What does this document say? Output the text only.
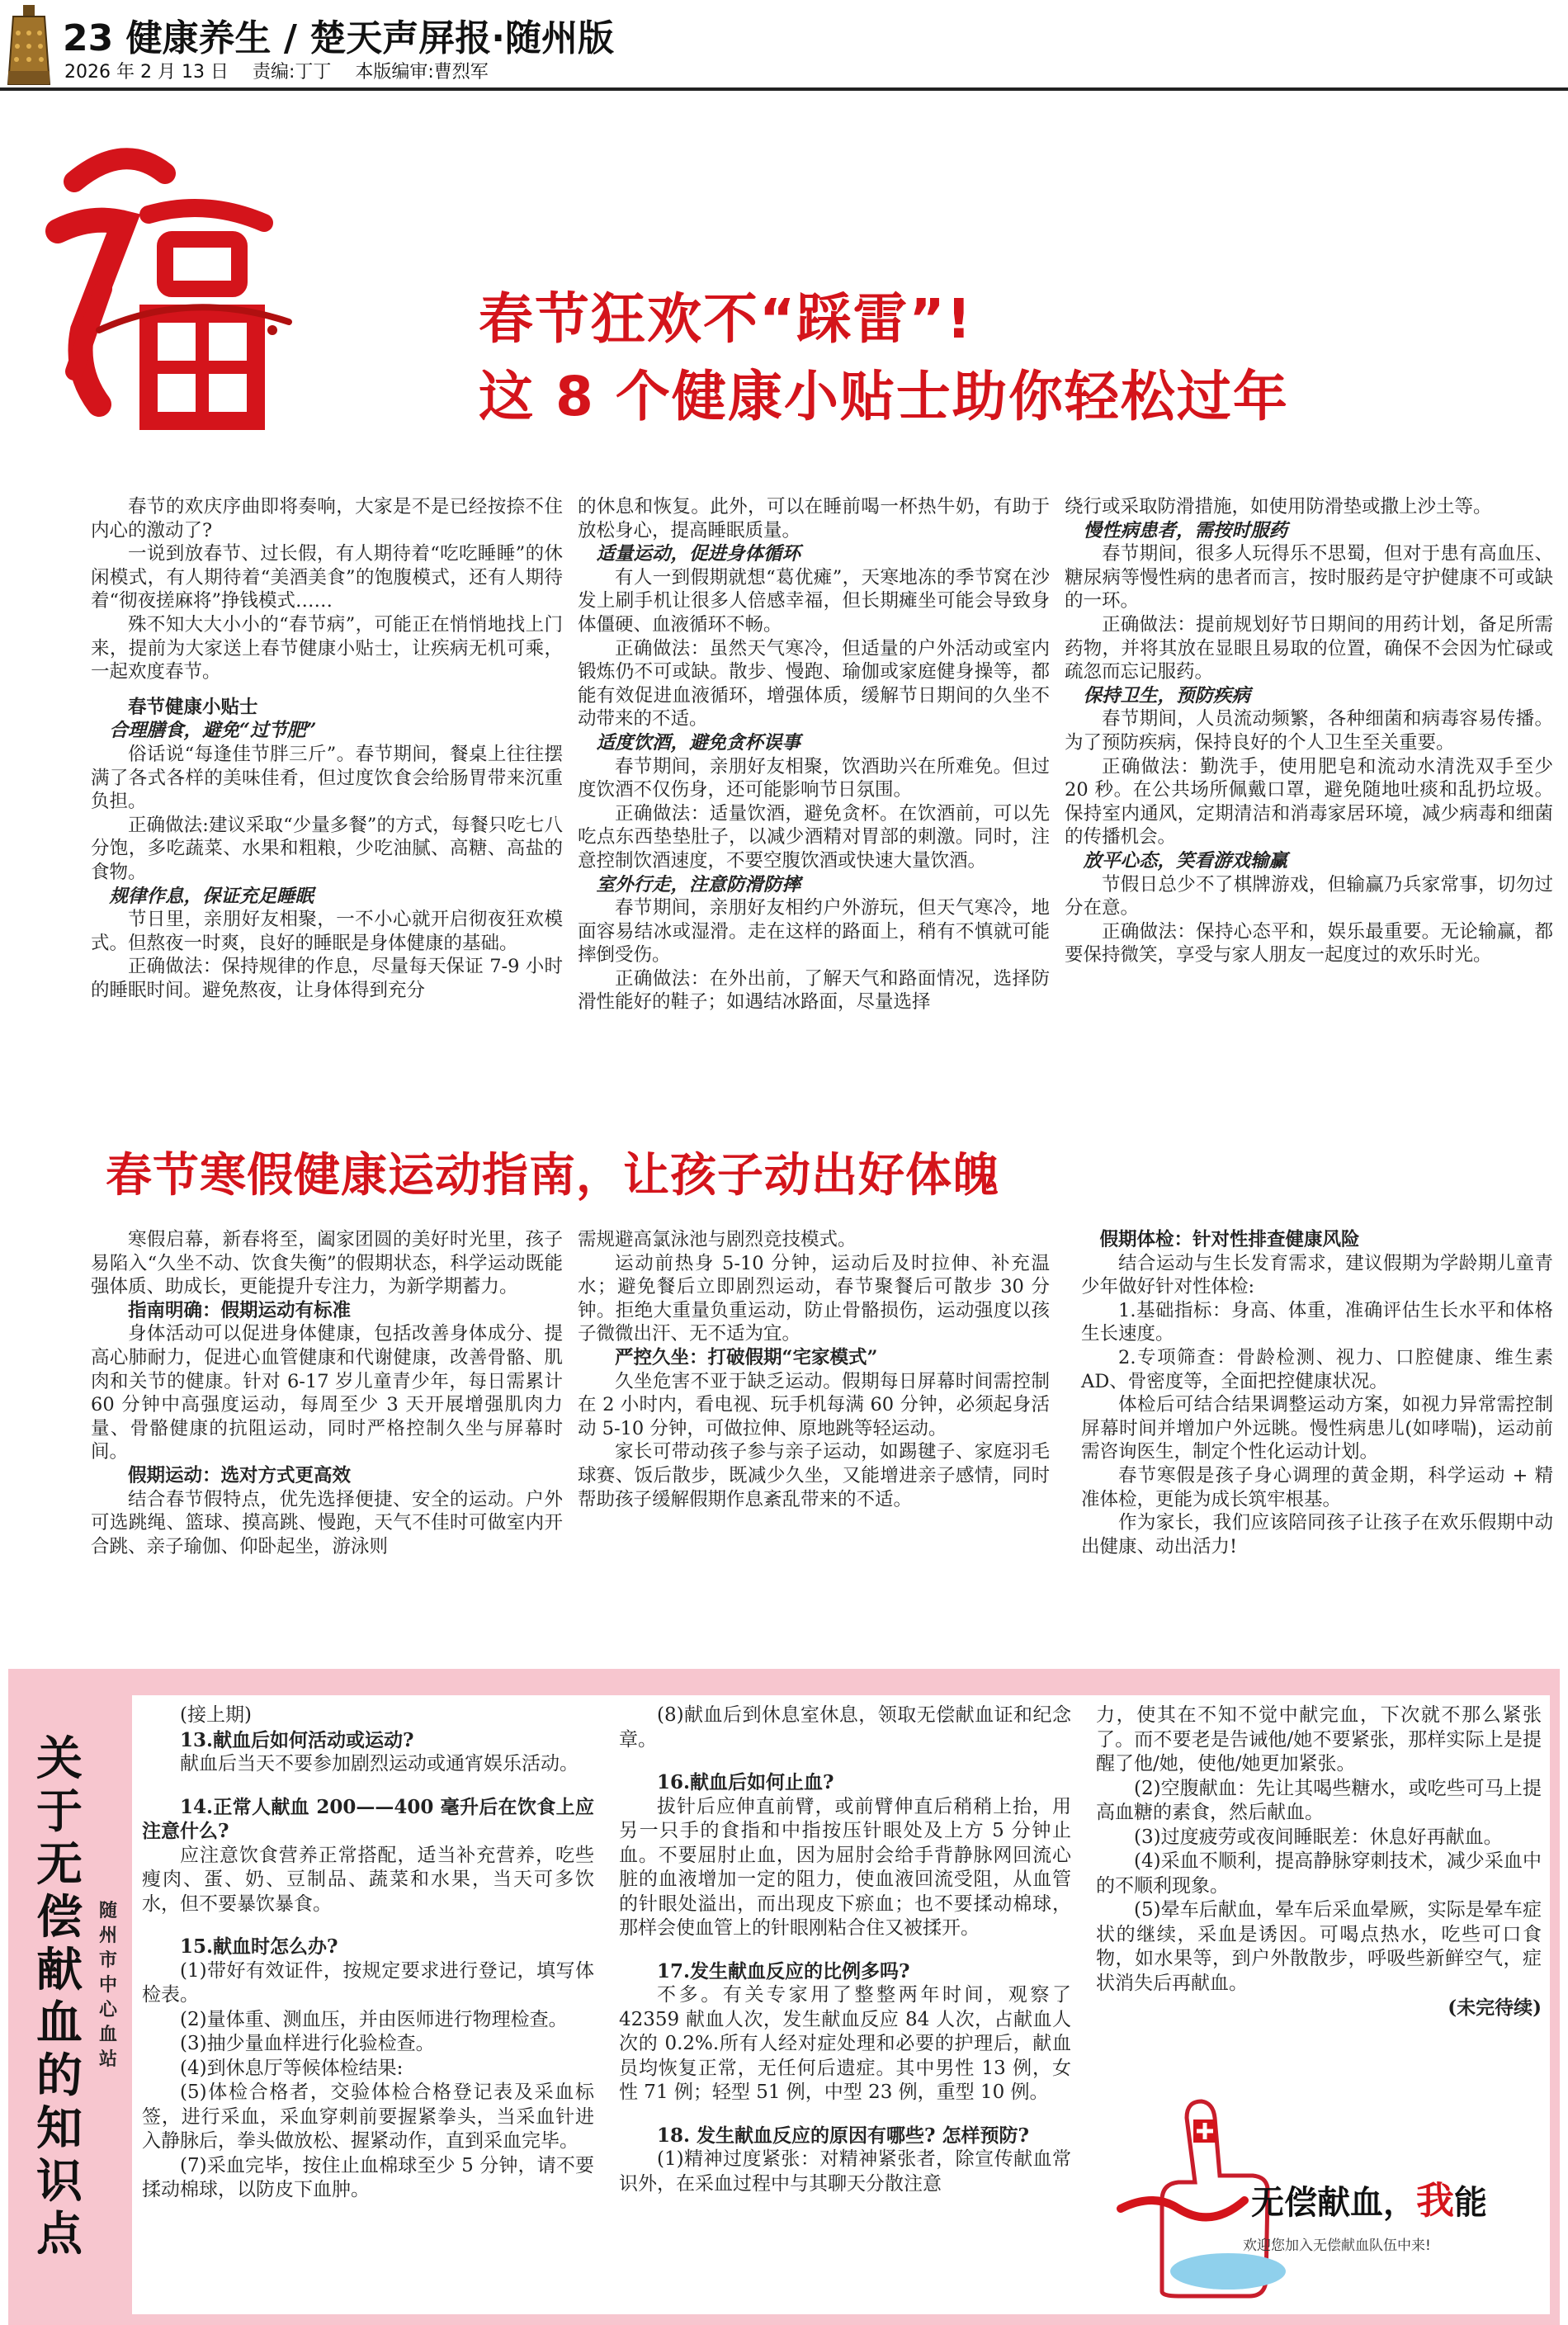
23 健康养生 / 楚天声屏报·随州版
2026 年 2 月 13 日 责编:丁丁 本版编审:曹烈军
春节狂欢不“踩雷”!
这 8 个健康小贴士助你轻松过年

春节的欢庆序曲即将奏响，大家是不是已经按捺不住内心的激动了?

一说到放春节、过长假，有人期待着“吃吃睡睡”的休闲模式，有人期待着“美酒美食”的饱腹模式，还有人期待着“彻夜搓麻将”挣钱模式……

殊不知大大小小的“春节病”，可能正在悄悄地找上门来，提前为大家送上春节健康小贴士，让疾病无机可乘，一起欢度春节。

春节健康小贴士

合理膳食，避免“过节肥”

俗话说“每逢佳节胖三斤”。春节期间，餐桌上往往摆满了各式各样的美味佳肴，但过度饮食会给肠胃带来沉重负担。

正确做法:建议采取“少量多餐”的方式，每餐只吃七八分饱，多吃蔬菜、水果和粗粮，少吃油腻、高糖、高盐的食物。

规律作息，保证充足睡眠

节日里，亲朋好友相聚，一不小心就开启彻夜狂欢模式。但熬夜一时爽，良好的睡眠是身体健康的基础。

正确做法：保持规律的作息，尽量每天保证 7-9 小时的睡眠时间。避免熬夜，让身体得到充分

的休息和恢复。此外，可以在睡前喝一杯热牛奶，有助于放松身心，提高睡眠质量。

适量运动，促进身体循环

有人一到假期就想“葛优瘫”，天寒地冻的季节窝在沙发上刷手机让很多人倍感幸福，但长期瘫坐可能会导致身体僵硬、血液循环不畅。

正确做法：虽然天气寒冷，但适量的户外活动或室内锻炼仍不可或缺。散步、慢跑、瑜伽或家庭健身操等，都能有效促进血液循环，增强体质，缓解节日期间的久坐不动带来的不适。

适度饮酒，避免贪杯误事

春节期间，亲朋好友相聚，饮酒助兴在所难免。但过度饮酒不仅伤身，还可能影响节日氛围。

正确做法：适量饮酒，避免贪杯。在饮酒前，可以先吃点东西垫垫肚子，以减少酒精对胃部的刺激。同时，注意控制饮酒速度，不要空腹饮酒或快速大量饮酒。

室外行走，注意防滑防摔

春节期间，亲朋好友相约户外游玩，但天气寒冷，地面容易结冰或湿滑。走在这样的路面上，稍有不慎就可能摔倒受伤。

正确做法：在外出前，了解天气和路面情况，选择防滑性能好的鞋子；如遇结冰路面，尽量选择

绕行或采取防滑措施，如使用防滑垫或撒上沙土等。

慢性病患者，需按时服药

春节期间，很多人玩得乐不思蜀，但对于患有高血压、糖尿病等慢性病的患者而言，按时服药是守护健康不可或缺的一环。

正确做法：提前规划好节日期间的用药计划，备足所需药物，并将其放在显眼且易取的位置，确保不会因为忙碌或疏忽而忘记服药。

保持卫生，预防疾病

春节期间，人员流动频繁，各种细菌和病毒容易传播。为了预防疾病，保持良好的个人卫生至关重要。

正确做法：勤洗手，使用肥皂和流动水清洗双手至少 20 秒。在公共场所佩戴口罩，避免随地吐痰和乱扔垃圾。保持室内通风，定期清洁和消毒家居环境，减少病毒和细菌的传播机会。

放平心态，笑看游戏输赢

节假日总少不了棋牌游戏，但输赢乃兵家常事，切勿过分在意。

正确做法：保持心态平和，娱乐最重要。无论输赢，都要保持微笑，享受与家人朋友一起度过的欢乐时光。

春节寒假健康运动指南，让孩子动出好体魄

寒假启幕，新春将至，阖家团圆的美好时光里，孩子易陷入“久坐不动、饮食失衡”的假期状态，科学运动既能强体质、助成长，更能提升专注力，为新学期蓄力。

指南明确：假期运动有标准

身体活动可以促进身体健康，包括改善身体成分、提高心肺耐力，促进心血管健康和代谢健康，改善骨骼、肌肉和关节的健康。针对 6-17 岁儿童青少年，每日需累计 60 分钟中高强度运动，每周至少 3 天开展增强肌肉力量、骨骼健康的抗阻运动，同时严格控制久坐与屏幕时间。

假期运动：选对方式更高效

结合春节假特点，优先选择便捷、安全的运动。户外可选跳绳、篮球、摸高跳、慢跑，天气不佳时可做室内开合跳、亲子瑜伽、仰卧起坐，游泳则

需规避高氯泳池与剧烈竞技模式。

运动前热身 5-10 分钟，运动后及时拉伸、补充温水；避免餐后立即剧烈运动，春节聚餐后可散步 30 分钟。拒绝大重量负重运动，防止骨骼损伤，运动强度以孩子微微出汗、无不适为宜。

严控久坐：打破假期“宅家模式”

久坐危害不亚于缺乏运动。假期每日屏幕时间需控制在 2 小时内，看电视、玩手机每满 60 分钟，必须起身活动 5-10 分钟，可做拉伸、原地跳等轻运动。

家长可带动孩子参与亲子运动，如踢毽子、家庭羽毛球赛、饭后散步，既减少久坐，又能增进亲子感情，同时帮助孩子缓解假期作息紊乱带来的不适。

假期体检：针对性排查健康风险

结合运动与生长发育需求，建议假期为学龄期儿童青少年做好针对性体检:

1.基础指标：身高、体重，准确评估生长水平和体格生长速度。

2.专项筛查：骨龄检测、视力、口腔健康、维生素 AD、骨密度等，全面把控健康状况。

体检后可结合结果调整运动方案，如视力异常需控制屏幕时间并增加户外远眺。慢性病患儿(如哮喘)，运动前需咨询医生，制定个性化运动计划。

春节寒假是孩子身心调理的黄金期，科学运动 + 精准体检，更能为成长筑牢根基。

作为家长，我们应该陪同孩子让孩子在欢乐假期中动出健康、动出活力!

关
于
无
偿
献
血
的
知
识
点
随
州
市
中
心
血
站

(接上期)

13.献血后如何活动或运动?

献血后当天不要参加剧烈运动或通宵娱乐活动。

14.正常人献血 200——400 毫升后在饮食上应注意什么?

应注意饮食营养正常搭配，适当补充营养，吃些瘦肉、蛋、奶、豆制品、蔬菜和水果，当天可多饮水，但不要暴饮暴食。

15.献血时怎么办?

(1)带好有效证件，按规定要求进行登记，填写体检表。

(2)量体重、测血压，并由医师进行物理检查。

(3)抽少量血样进行化验检查。

(4)到休息厅等候体检结果:

(5)体检合格者，交验体检合格登记表及采血标签，进行采血，采血穿刺前要握紧拳头，当采血针进入静脉后，拳头做放松、握紧动作，直到采血完毕。

(7)采血完毕，按住止血棉球至少 5 分钟，请不要揉动棉球，以防皮下血肿。

(8)献血后到休息室休息，领取无偿献血证和纪念章。

16.献血后如何止血?

拔针后应伸直前臂，或前臂伸直后稍稍上抬，用另一只手的食指和中指按压针眼处及上方 5 分钟止血。不要屈肘止血，因为屈肘会给手背静脉网回流心脏的血液增加一定的阻力，使血液回流受阻，从血管的针眼处溢出，而出现皮下瘀血；也不要揉动棉球，那样会使血管上的针眼刚粘合住又被揉开。

17.发生献血反应的比例多吗?

不多。有关专家用了整整两年时间，观察了 42359 献血人次，发生献血反应 84 人次，占献血人次的 0.2%.所有人经对症处理和必要的护理后，献血员均恢复正常，无任何后遗症。其中男性 13 例，女性 71 例；轻型 51 例，中型 23 例，重型 10 例。

18. 发生献血反应的原因有哪些? 怎样预防?

(1)精神过度紧张：对精神紧张者，除宣传献血常识外，在采血过程中与其聊天分散注意

力，使其在不知不觉中献完血，下次就不那么紧张了。而不要老是告诫他/她不要紧张，那样实际上是提醒了他/她，使他/她更加紧张。

(2)空腹献血：先让其喝些糖水，或吃些可马上提高血糖的素食，然后献血。

(3)过度疲劳或夜间睡眠差：休息好再献血。

(4)采血不顺利，提高静脉穿刺技术，减少采血中的不顺利现象。

(5)晕车后献血，晕车后采血晕厥，实际是晕车症状的继续，采血是诱因。可喝点热水，吃些可口食物，如水果等，到户外散散步，呼吸些新鲜空气，症状消失后再献血。

(未完待续)

无偿献血，我能
欢迎您加入无偿献血队伍中来!
